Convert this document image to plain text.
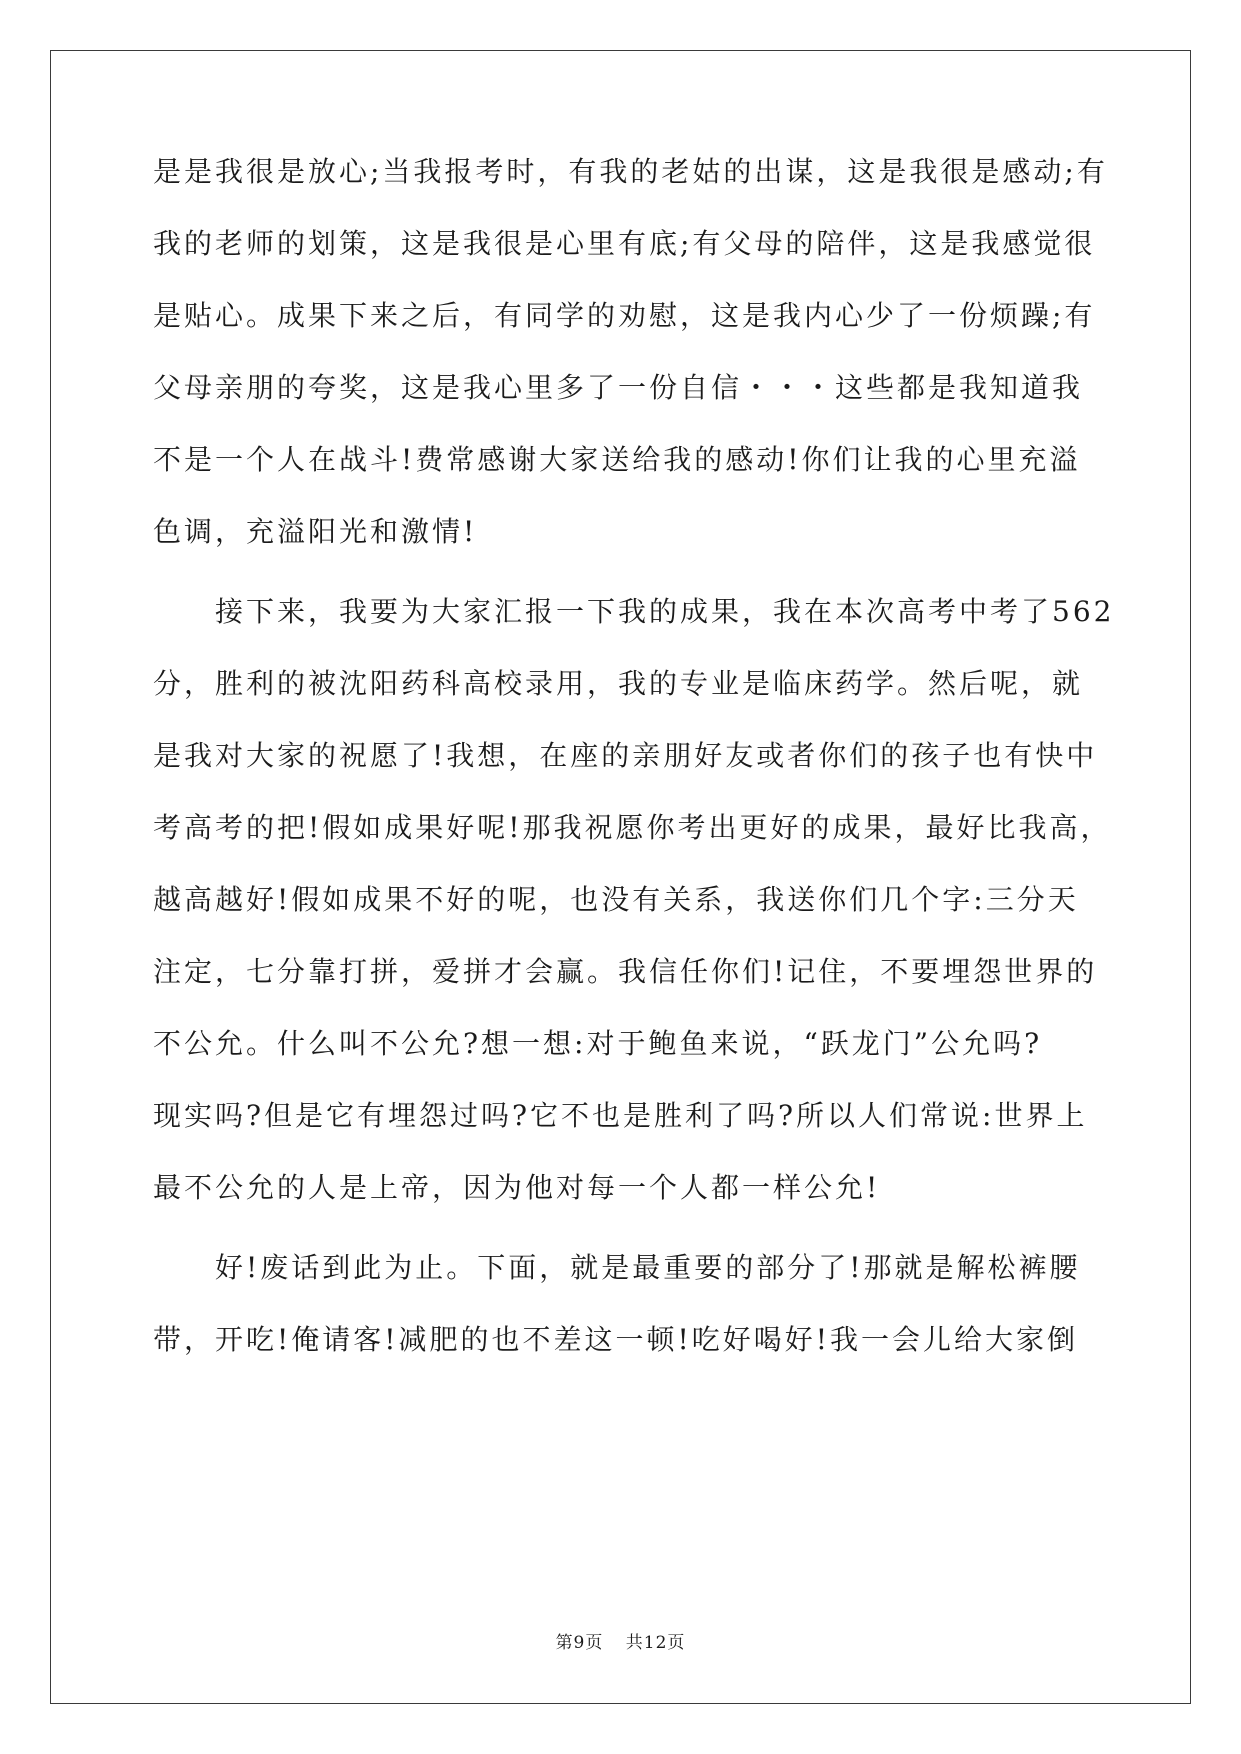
是是我很是放心;当我报考时，有我的老姑的出谋，这是我很是感动;有
我的老师的划策，这是我很是心里有底;有父母的陪伴，这是我感觉很
是贴心。成果下来之后，有同学的劝慰，这是我内心少了一份烦躁;有
父母亲朋的夸奖，这是我心里多了一份自信・・・这些都是我知道我
不是一个人在战斗!费常感谢大家送给我的感动!你们让我的心里充溢
色调，充溢阳光和激情!
　　接下来，我要为大家汇报一下我的成果，我在本次高考中考了562
分，胜利的被沈阳药科高校录用，我的专业是临床药学。然后呢，就
是我对大家的祝愿了!我想，在座的亲朋好友或者你们的孩子也有快中
考高考的把!假如成果好呢!那我祝愿你考出更好的成果，最好比我高，
越高越好!假如成果不好的呢，也没有关系，我送你们几个字:三分天
注定，七分靠打拼，爱拼才会赢。我信任你们!记住，不要埋怨世界的
不公允。什么叫不公允?想一想:对于鲍鱼来说，“跃龙门”公允吗?
现实吗?但是它有埋怨过吗?它不也是胜利了吗?所以人们常说:世界上
最不公允的人是上帝，因为他对每一个人都一样公允!
　　好!废话到此为止。下面，就是最重要的部分了!那就是解松裤腰
带，开吃!俺请客!减肥的也不差这一顿!吃好喝好!我一会儿给大家倒
第9页 共12页
